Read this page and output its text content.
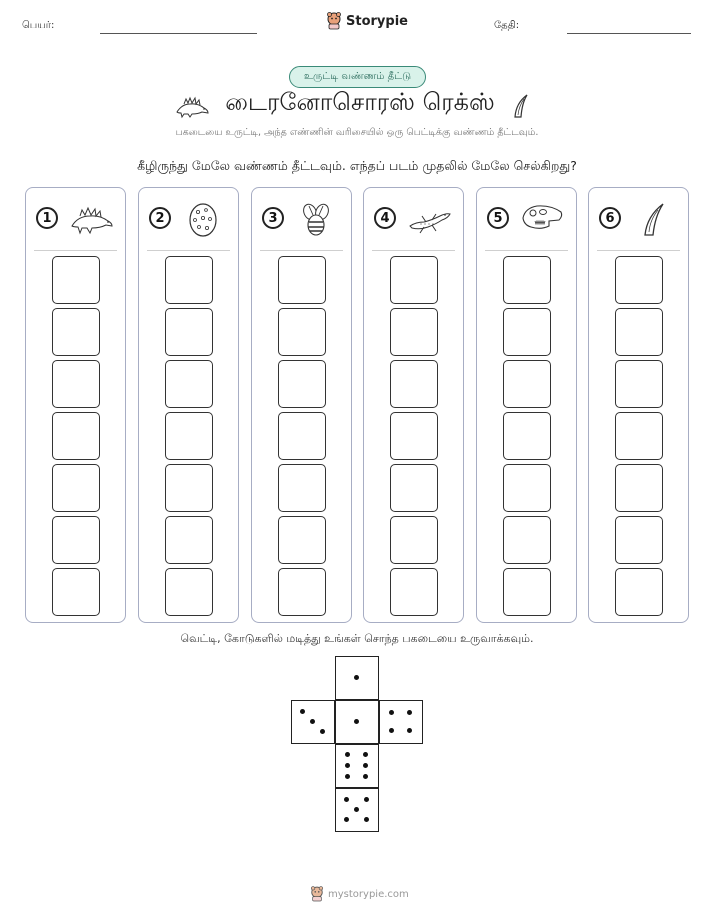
பெயர்:	Storypie	தேதி:
உருட்டி வண்ணம் தீட்டு
டைரனோசொரஸ் ரெக்ஸ்
பகடையை உருட்டி, அந்த எண்ணின் வரிசையில் ஒரு பெட்டிக்கு வண்ணம் தீட்டவும்.
கீழிருந்து மேலே வண்ணம் தீட்டவும். எந்தப் படம் முதலில் மேலே செல்கிறது?
1	2	3	4	5	6
வெட்டி, கோடுகளில் மடித்து உங்கள் சொந்த பகடையை உருவாக்கவும்.
mystorypie.com
